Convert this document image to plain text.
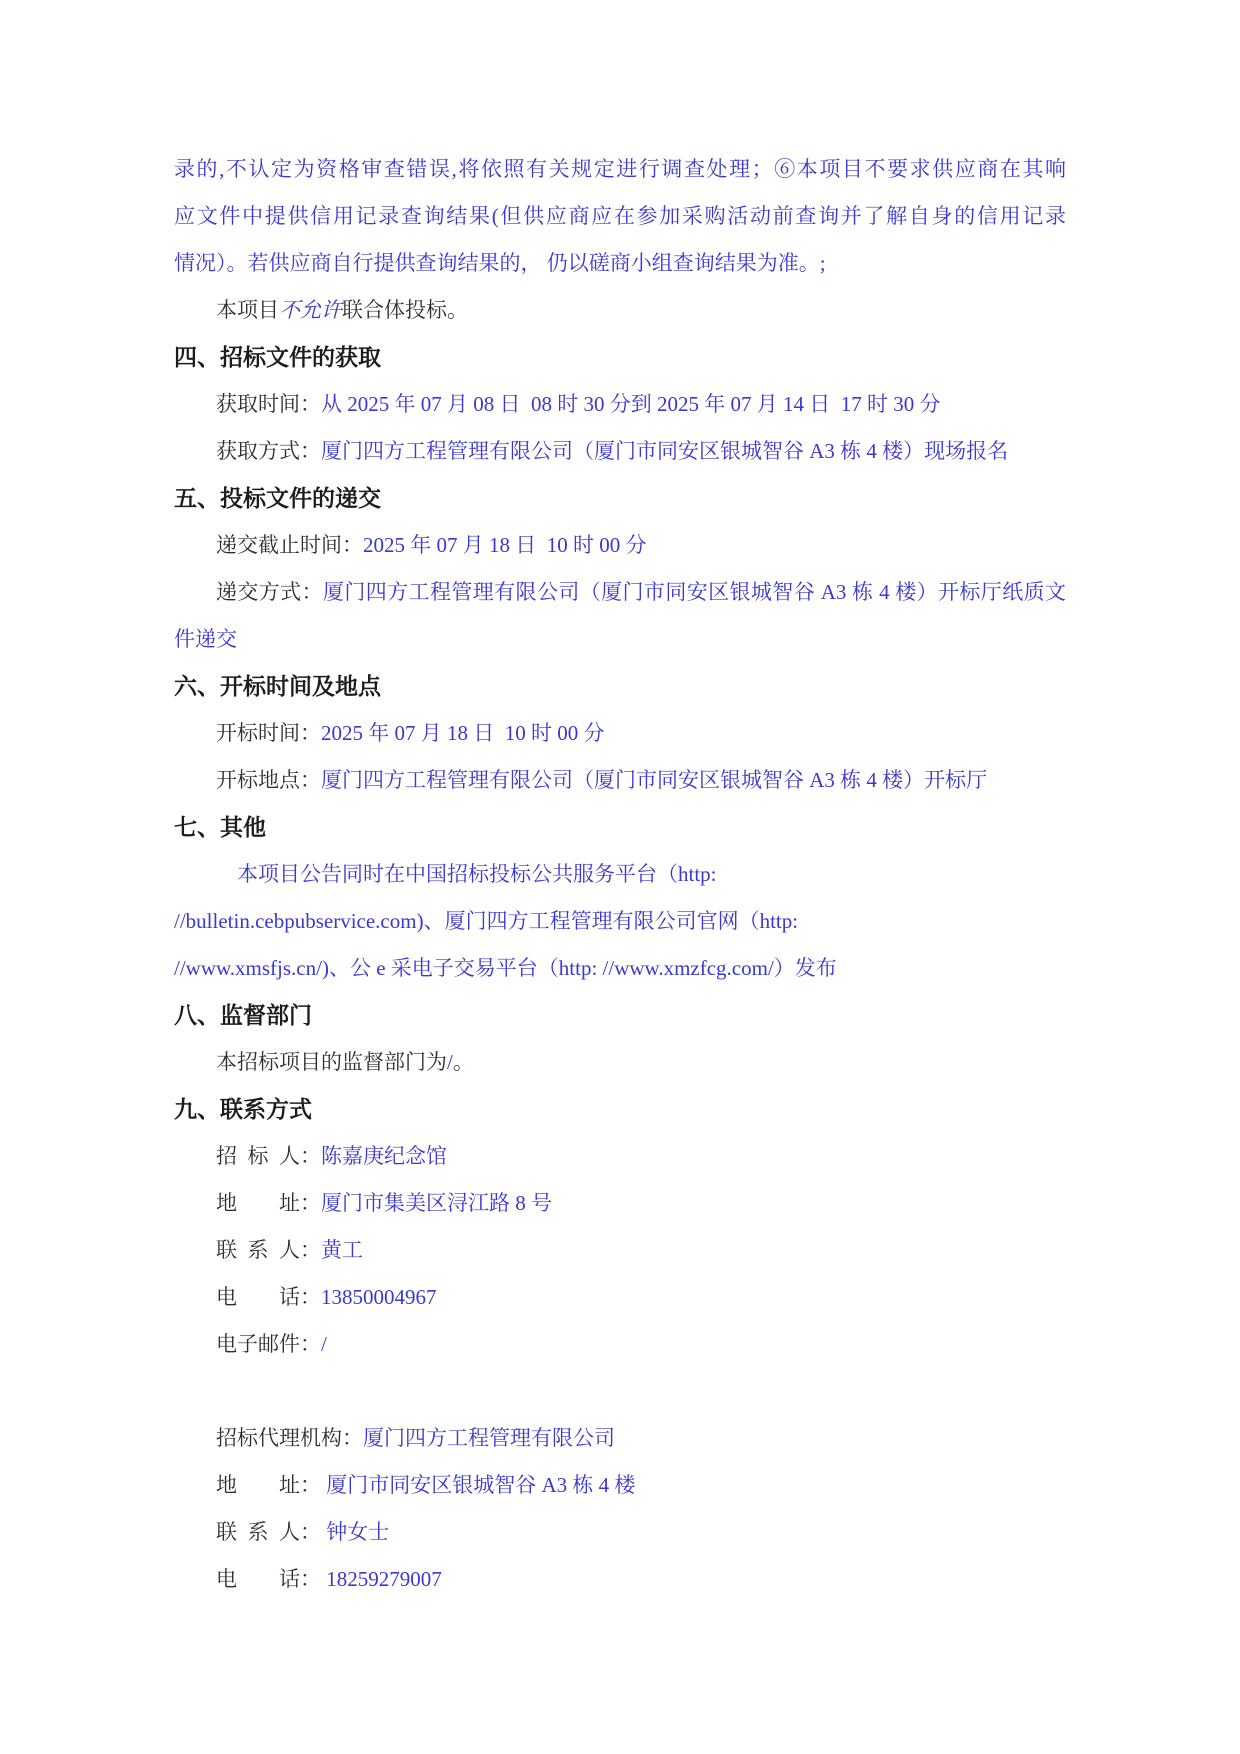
录的,不认定为资格审查错误,将依照有关规定进行调查处理；⑥本项目不要求供应商在其响
应文件中提供信用记录查询结果(但供应商应在参加采购活动前查询并了解自身的信用记录
情况）。若供应商自行提供查询结果的， 仍以磋商小组查询结果为准。;

本项目不允许联合体投标。

四、招标文件的获取

获取时间：从 2025 年 07 月 08 日  08 时 30 分到 2025 年 07 月 14 日  17 时 30 分

获取方式：厦门四方工程管理有限公司（厦门市同安区银城智谷 A3 栋 4 楼）现场报名

五、投标文件的递交

递交截止时间：2025 年 07 月 18 日  10 时 00 分

递交方式：厦门四方工程管理有限公司（厦门市同安区银城智谷 A3 栋 4 楼）开标厅纸质文件递交

六、开标时间及地点

开标时间：2025 年 07 月 18 日  10 时 00 分

开标地点：厦门四方工程管理有限公司（厦门市同安区银城智谷 A3 栋 4 楼）开标厅

七、其他

本项目公告同时在中国招标投标公共服务平台（http:
//bulletin.cebpubservice.com)、厦门四方工程管理有限公司官网（http:
//www.xmsfjs.cn/)、公 e 采电子交易平台（http: //www.xmzfcg.com/）发布

八、监督部门

本招标项目的监督部门为/。

九、联系方式

招  标  人：陈嘉庚纪念馆

地　　址：厦门市集美区浔江路 8 号

联  系  人：黄工

电　　话：13850004967

电子邮件：/

招标代理机构：厦门四方工程管理有限公司

地　　址： 厦门市同安区银城智谷 A3 栋 4 楼

联  系  人： 钟女士

电　　话： 18259279007
